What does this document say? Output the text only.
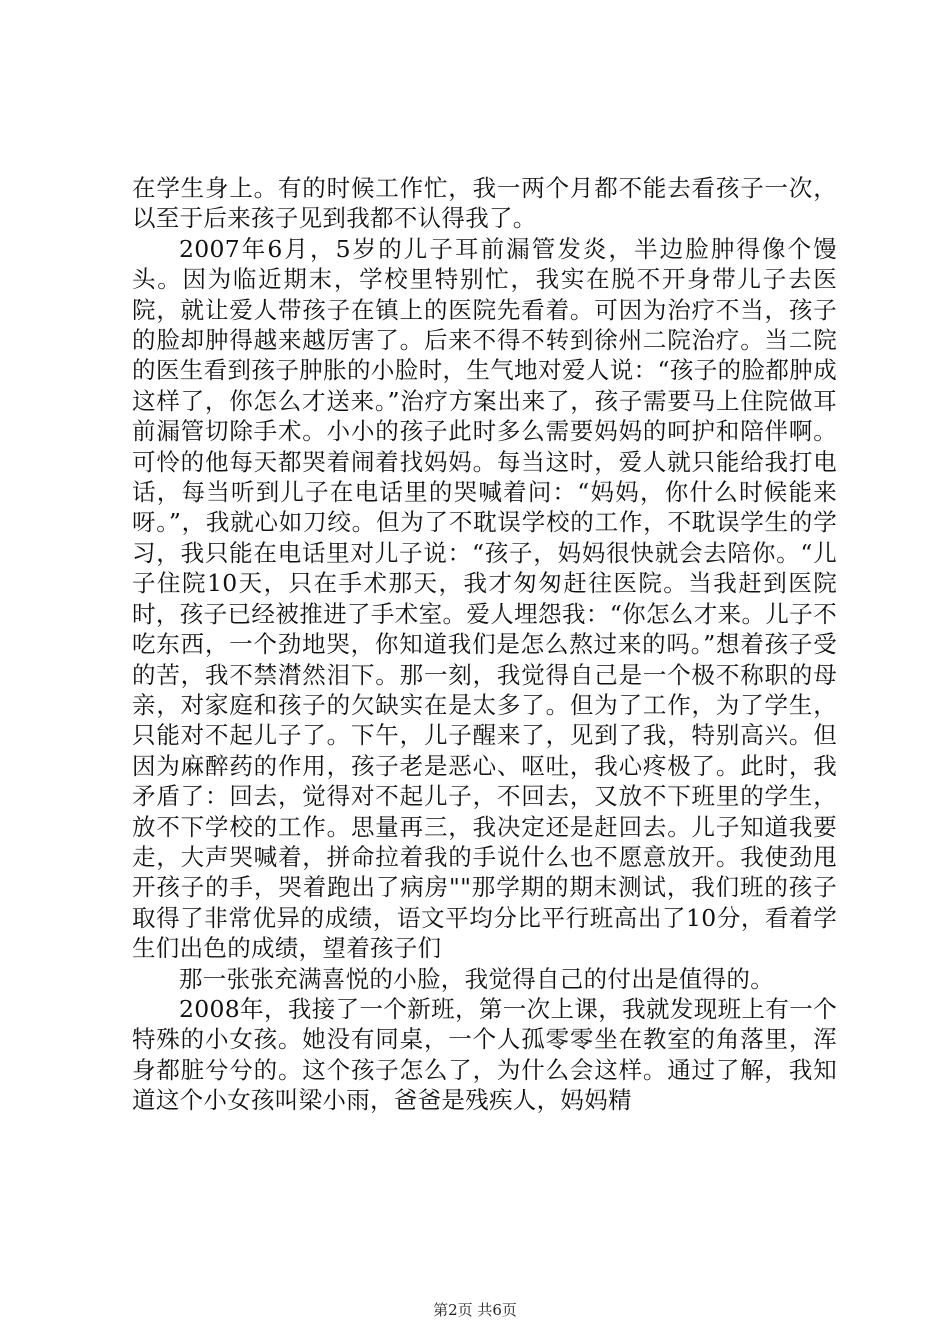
在学生身上。有的时候工作忙，我一两个月都不能去看孩子一次，以至于后来孩子见到我都不认得我了。

2007年6月，5岁的儿子耳前漏管发炎，半边脸肿得像个馒头。因为临近期末，学校里特别忙，我实在脱不开身带儿子去医院，就让爱人带孩子在镇上的医院先看着。可因为治疗不当，孩子的脸却肿得越来越厉害了。后来不得不转到徐州二院治疗。当二院的医生看到孩子肿胀的小脸时，生气地对爱人说：“孩子的脸都肿成这样了，你怎么才送来。”治疗方案出来了，孩子需要马上住院做耳前漏管切除手术。小小的孩子此时多么需要妈妈的呵护和陪伴啊。可怜的他每天都哭着闹着找妈妈。每当这时，爱人就只能给我打电话，每当听到儿子在电话里的哭喊着问：“妈妈，你什么时候能来呀。”，我就心如刀绞。但为了不耽误学校的工作，不耽误学生的学习，我只能在电话里对儿子说：“孩子，妈妈很快就会去陪你。“儿子住院10天，只在手术那天，我才匆匆赶往医院。当我赶到医院时，孩子已经被推进了手术室。爱人埋怨我：“你怎么才来。儿子不吃东西，一个劲地哭，你知道我们是怎么熬过来的吗。”想着孩子受的苦，我不禁潸然泪下。那一刻，我觉得自己是一个极不称职的母亲，对家庭和孩子的欠缺实在是太多了。但为了工作，为了学生，只能对不起儿子了。下午，儿子醒来了，见到了我，特别高兴。但因为麻醉药的作用，孩子老是恶心、呕吐，我心疼极了。此时，我矛盾了：回去，觉得对不起儿子，不回去，又放不下班里的学生，放不下学校的工作。思量再三，我决定还是赶回去。儿子知道我要走，大声哭喊着，拼命拉着我的手说什么也不愿意放开。我使劲甩开孩子的手，哭着跑出了病房""那学期的期末测试，我们班的孩子取得了非常优异的成绩，语文平均分比平行班高出了10分，看着学生们出色的成绩，望着孩子们

那一张张充满喜悦的小脸，我觉得自己的付出是值得的。

2008年，我接了一个新班，第一次上课，我就发现班上有一个特殊的小女孩。她没有同桌，一个人孤零零坐在教室的角落里，浑身都脏兮兮的。这个孩子怎么了，为什么会这样。通过了解，我知道这个小女孩叫梁小雨，爸爸是残疾人，妈妈精

第2页 共6页
